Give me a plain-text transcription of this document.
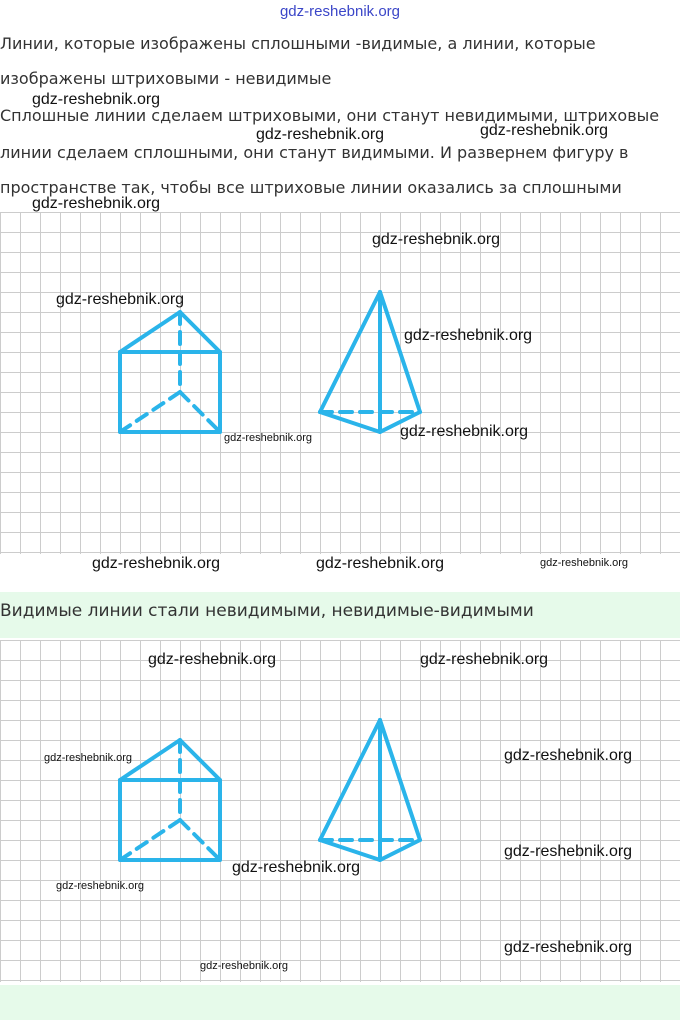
gdz-reshebnik.org
Линии, которые изображены сплошными -видимые, а линии, которые
изображены штриховыми - невидимые
Сплошные линии сделаем штриховыми, они станут невидимыми, штриховые
линии сделаем сплошными, они станут видимыми. И развернем фигуру в
пространстве так, чтобы все штриховые линии оказались за сплошными
Видимые линии стали невидимыми, невидимые-видимыми
gdz-reshebnik.org
gdz-reshebnik.org	gdz-reshebnik.org
gdz-reshebnik.org
gdz-reshebnik.org
gdz-reshebnik.org
gdz-reshebnik.org
gdz-reshebnik.org	gdz-reshebnik.org
gdz-reshebnik.org	gdz-reshebnik.org	gdz-reshebnik.org
gdz-reshebnik.org	gdz-reshebnik.org
gdz-reshebnik.org	gdz-reshebnik.org
gdz-reshebnik.org
gdz-reshebnik.org
gdz-reshebnik.org
gdz-reshebnik.org
gdz-reshebnik.org
